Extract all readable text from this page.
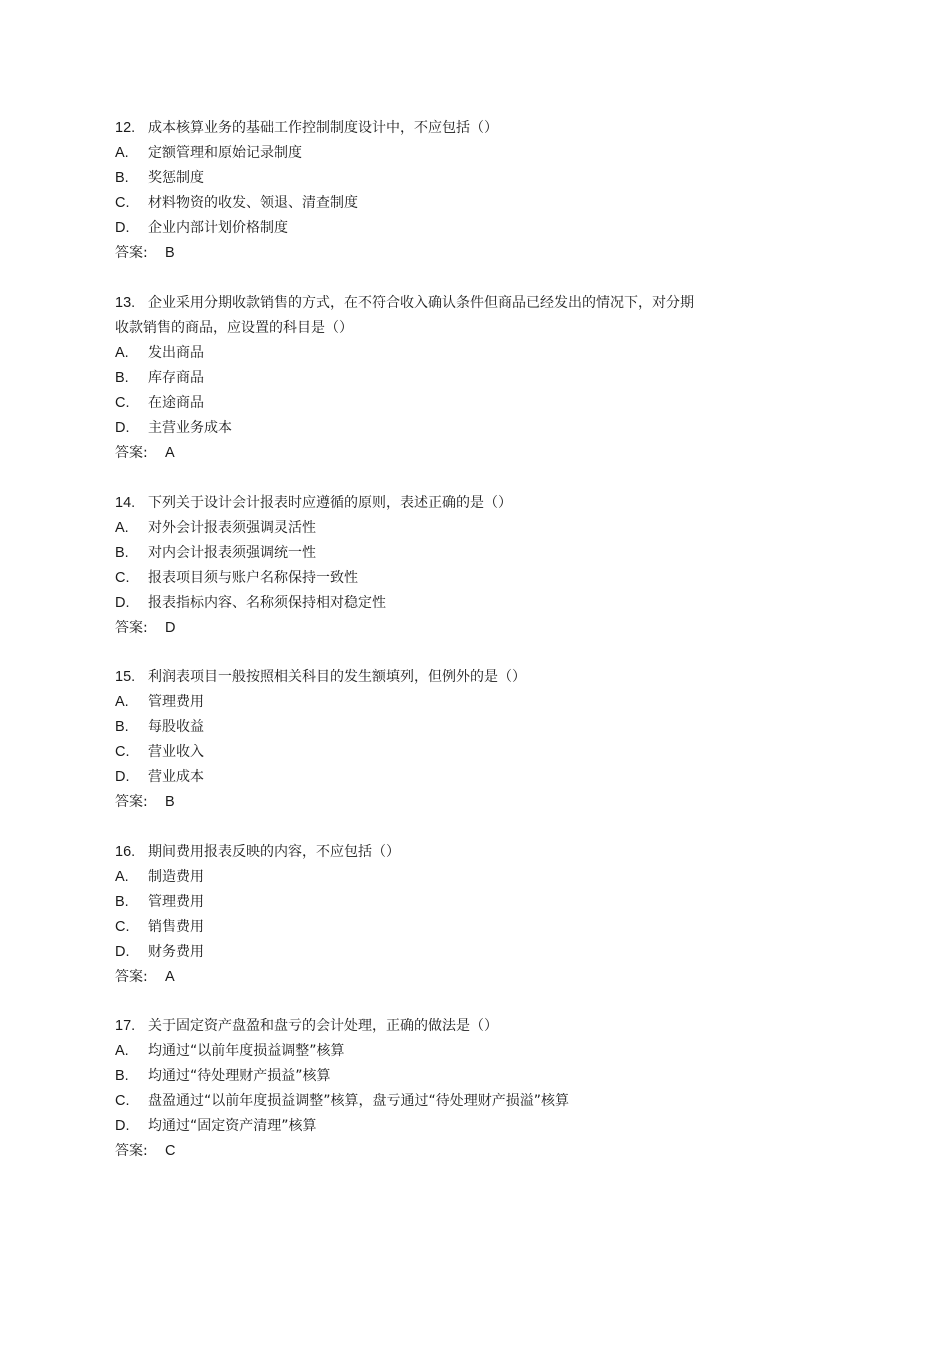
12. 成本核算业务的基础工作控制制度设计中，不应包括（）
A.	定额管理和原始记录制度
B.	奖惩制度
C.	材料物资的收发、领退、清查制度
D.	企业内部计划价格制度
答案:	B
13. 企业采用分期收款销售的方式，在不符合收入确认条件但商品已经发出的情况下，对分期
收款销售的商品，应设置的科目是（）
A.	发出商品
B.	库存商品
C.	在途商品
D.	主营业务成本
答案:	A
14. 下列关于设计会计报表时应遵循的原则，表述正确的是（）
A.	对外会计报表须强调灵活性
B.	对内会计报表须强调统一性
C.	报表项目须与账户名称保持一致性
D.	报表指标内容、名称须保持相对稳定性
答案:	D
15. 利润表项目一般按照相关科目的发生额填列，但例外的是（）
A.	管理费用
B.	每股收益
C.	营业收入
D.	营业成本
答案:	B
16. 期间费用报表反映的内容，不应包括（）
A.	制造费用
B.	管理费用
C.	销售费用
D.	财务费用
答案:	A
17. 关于固定资产盘盈和盘亏的会计处理，正确的做法是（）
A.	均通过“以前年度损益调整”核算
B.	均通过“待处理财产损益”核算
C.	盘盈通过“以前年度损益调整”核算，盘亏通过“待处理财产损溢”核算
D.	均通过“固定资产清理”核算
答案:	C
